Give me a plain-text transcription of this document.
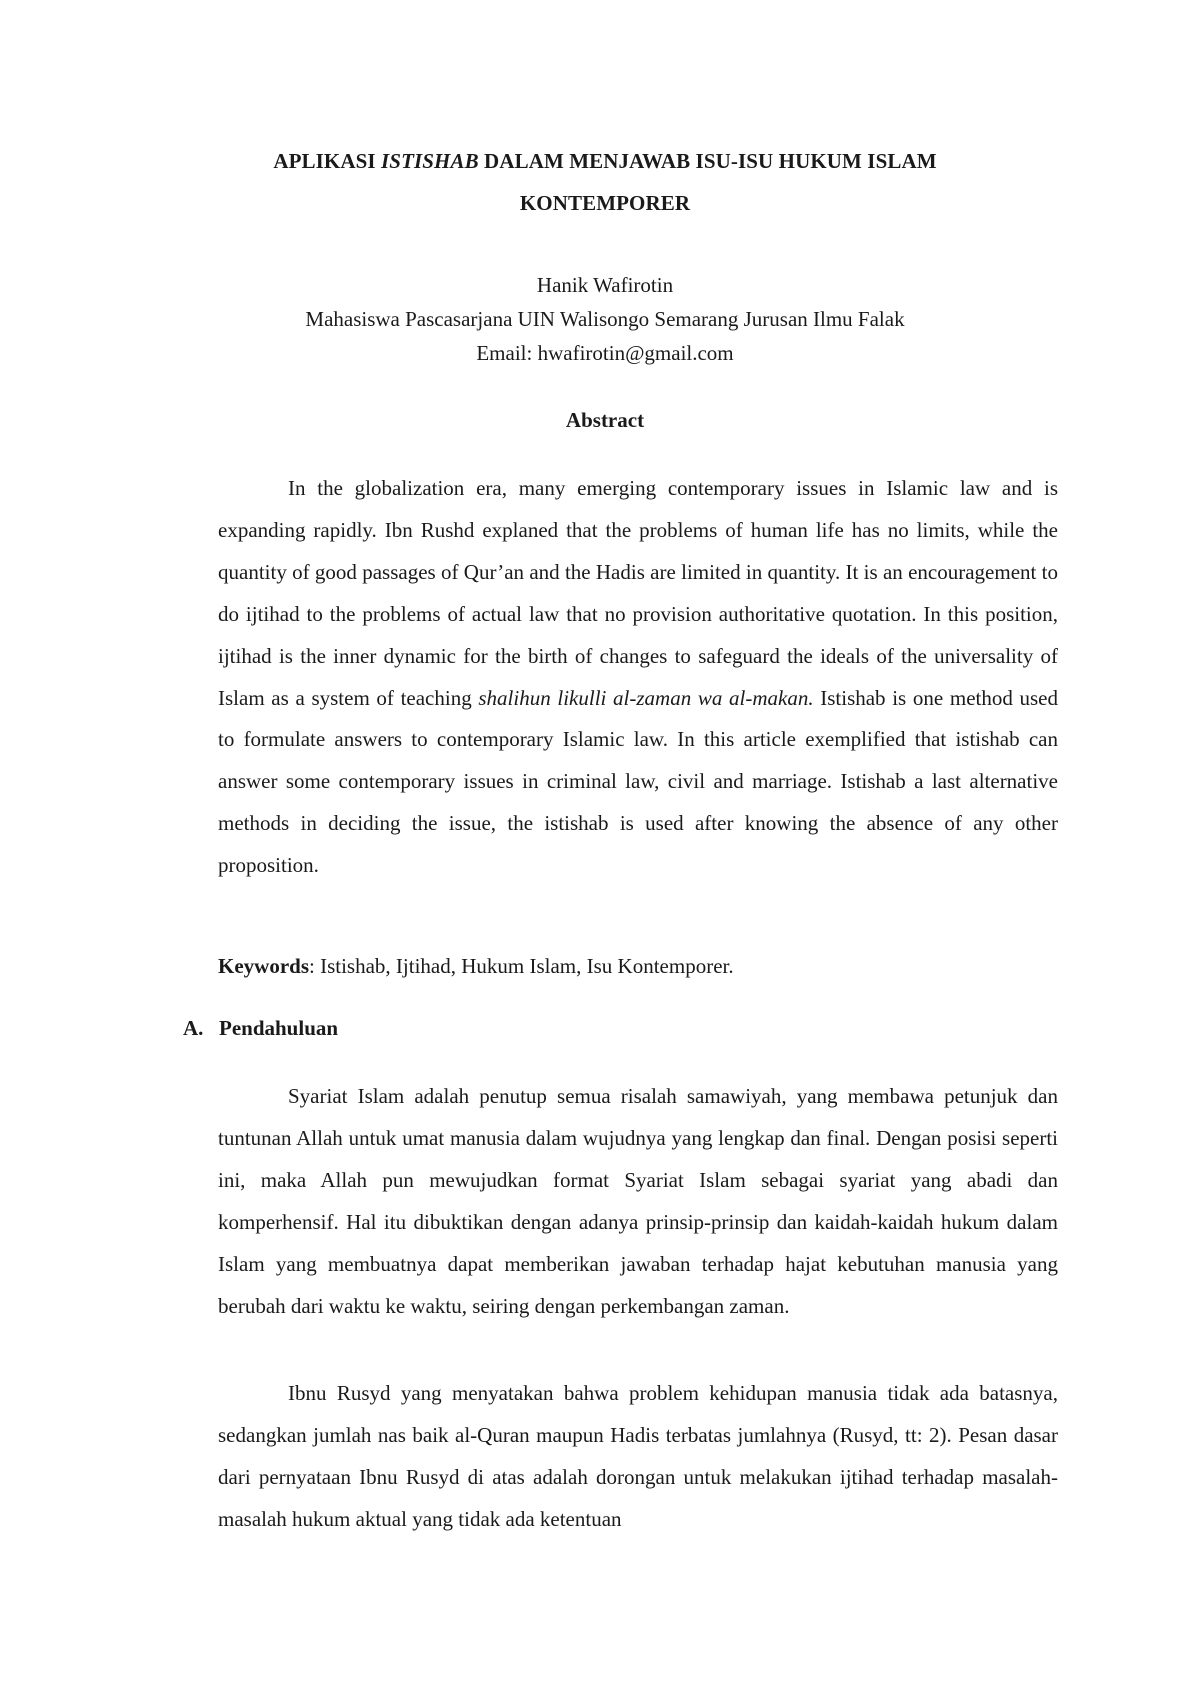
APLIKASI ISTISHAB DALAM MENJAWAB ISU-ISU HUKUM ISLAM
KONTEMPORER
Hanik Wafirotin
Mahasiswa Pascasarjana UIN Walisongo Semarang Jurusan Ilmu Falak
Email: hwafirotin@gmail.com
Abstract

In the globalization era, many emerging contemporary issues in Islamic law and is expanding rapidly. Ibn Rushd explaned that the problems of human life has no limits, while the quantity of good passages of Qur’an and the Hadis are limited in quantity. It is an encouragement to do ijtihad to the problems of actual law that no provision authoritative quotation. In this position, ijtihad is the inner dynamic for the birth of changes to safeguard the ideals of the universality of Islam as a system of teaching shalihun likulli al-zaman wa al-makan. Istishab is one method used to formulate answers to contemporary Islamic law. In this article exemplified that istishab can answer some contemporary issues in criminal law, civil and marriage. Istishab a last alternative methods in deciding the issue, the istishab is used after knowing the absence of any other proposition.

Keywords: Istishab, Ijtihad, Hukum Islam, Isu Kontemporer.
A. Pendahuluan

Syariat Islam adalah penutup semua risalah samawiyah, yang membawa petunjuk dan tuntunan Allah untuk umat manusia dalam wujudnya yang lengkap dan final. Dengan posisi seperti ini, maka Allah pun mewujudkan format Syariat Islam sebagai syariat yang abadi dan komperhensif. Hal itu dibuktikan dengan adanya prinsip-prinsip dan kaidah-kaidah hukum dalam Islam yang membuatnya dapat memberikan jawaban terhadap hajat kebutuhan manusia yang berubah dari waktu ke waktu, seiring dengan perkembangan zaman.

Ibnu Rusyd yang menyatakan bahwa problem kehidupan manusia tidak ada batasnya, sedangkan jumlah nas baik al-Quran maupun Hadis terbatas jumlahnya (Rusyd, tt: 2). Pesan dasar dari pernyataan Ibnu Rusyd di atas adalah dorongan untuk melakukan ijtihad terhadap masalah-masalah hukum aktual yang tidak ada ketentuan
